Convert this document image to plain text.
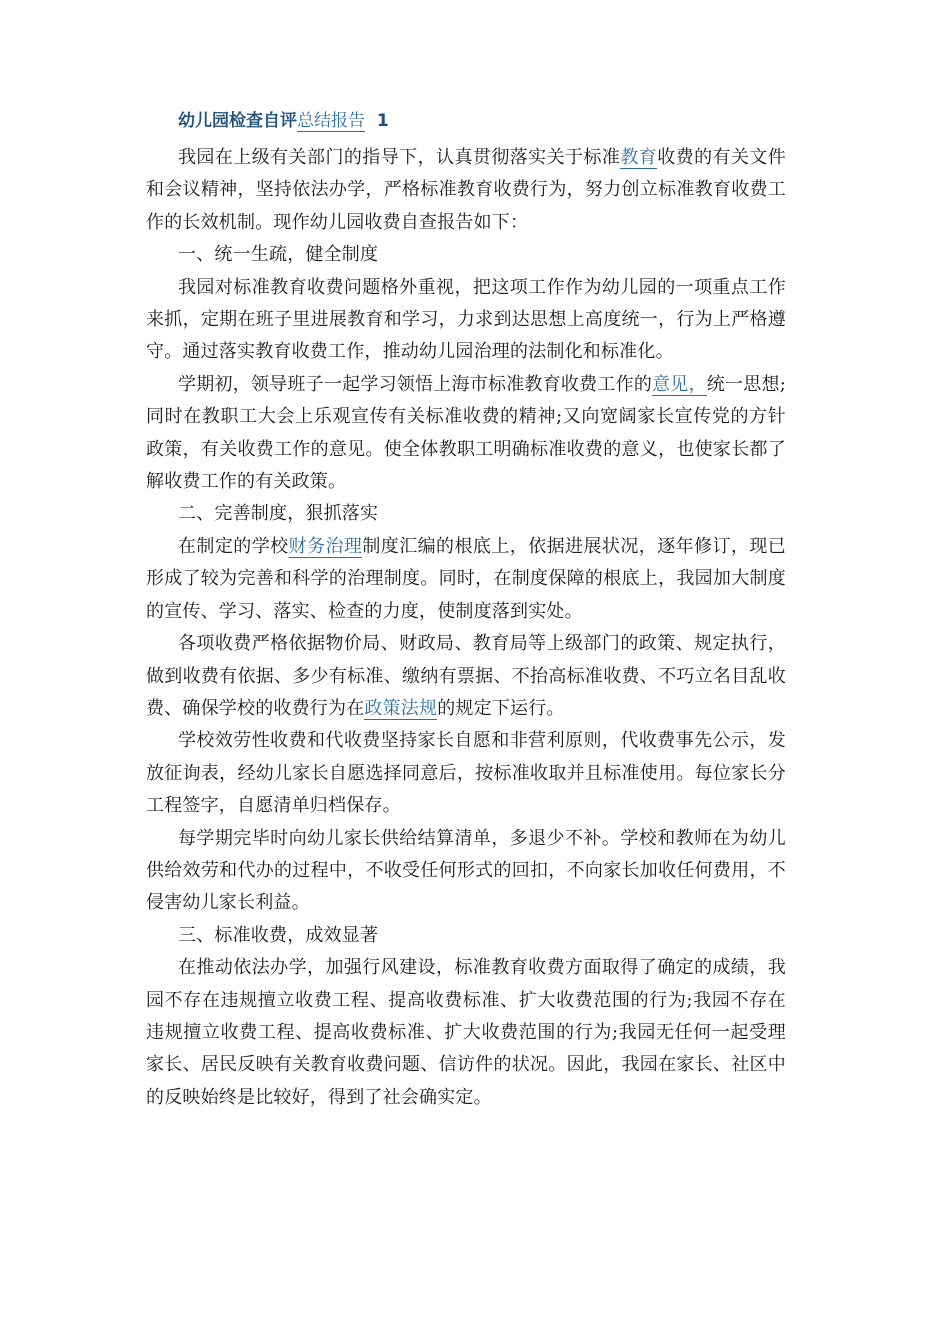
幼儿园检查自评总结报告 1

我园在上级有关部门的指导下，认真贯彻落实关于标准教育收费的有关文件和会议精神，坚持依法办学，严格标准教育收费行为，努力创立标准教育收费工作的长效机制。现作幼儿园收费自查报告如下：

一、统一生疏，健全制度

我园对标准教育收费问题格外重视，把这项工作作为幼儿园的一项重点工作来抓，定期在班子里进展教育和学习，力求到达思想上高度统一，行为上严格遵守。通过落实教育收费工作，推动幼儿园治理的法制化和标准化。

学期初，领导班子一起学习领悟上海市标准教育收费工作的意见，统一思想;同时在教职工大会上乐观宣传有关标准收费的精神;又向宽阔家长宣传党的方针政策，有关收费工作的意见。使全体教职工明确标准收费的意义，也使家长都了解收费工作的有关政策。

二、完善制度，狠抓落实

在制定的学校财务治理制度汇编的根底上，依据进展状况，逐年修订，现已形成了较为完善和科学的治理制度。同时，在制度保障的根底上，我园加大制度的宣传、学习、落实、检查的力度，使制度落到实处。

各项收费严格依据物价局、财政局、教育局等上级部门的政策、规定执行，做到收费有依据、多少有标准、缴纳有票据、不抬高标准收费、不巧立名目乱收费、确保学校的收费行为在政策法规的规定下运行。

学校效劳性收费和代收费坚持家长自愿和非营利原则，代收费事先公示，发放征询表，经幼儿家长自愿选择同意后，按标准收取并且标准使用。每位家长分工程签字，自愿清单归档保存。

每学期完毕时向幼儿家长供给结算清单，多退少不补。学校和教师在为幼儿供给效劳和代办的过程中，不收受任何形式的回扣，不向家长加收任何费用，不侵害幼儿家长利益。

三、标准收费，成效显著

在推动依法办学，加强行风建设，标准教育收费方面取得了确定的成绩，我园不存在违规擅立收费工程、提高收费标准、扩大收费范围的行为;我园不存在违规擅立收费工程、提高收费标准、扩大收费范围的行为;我园无任何一起受理家长、居民反映有关教育收费问题、信访件的状况。因此，我园在家长、社区中的反映始终是比较好，得到了社会确实定。
